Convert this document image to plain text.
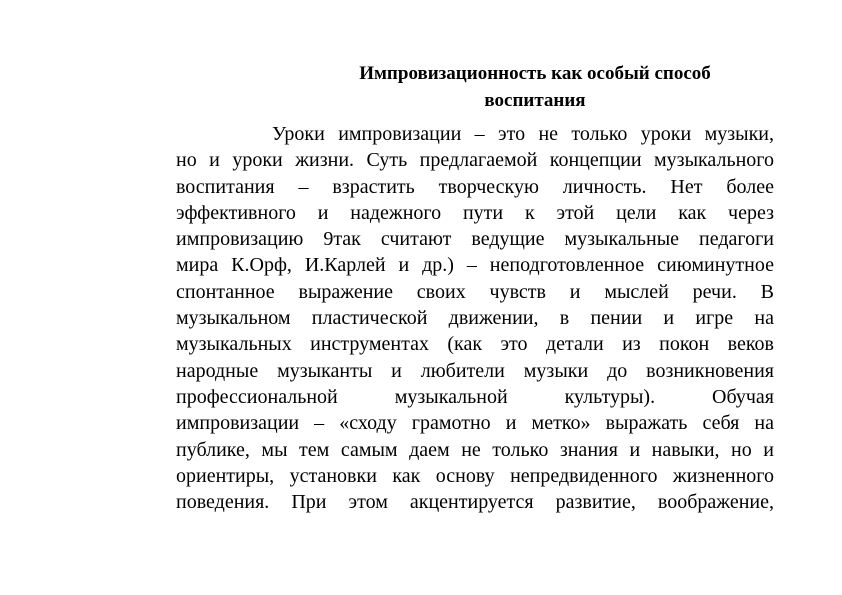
Импровизационность как особый способ
воспитания
Уроки импровизации – это не только уроки музыки,
но и уроки жизни. Суть предлагаемой концепции музыкального
воспитания – взрастить творческую личность. Нет более
эффективного и надежного пути к этой цели как через
импровизацию 9так считают ведущие музыкальные педагоги
мира К.Орф, И.Карлей и др.) – неподготовленное сиюминутное
спонтанное выражение своих чувств и мыслей речи. В
музыкальном пластической движении, в пении и игре на
музыкальных инструментах (как это детали из покон веков
народные музыканты и любители музыки до возникновения
профессиональной музыкальной культуры). Обучая
импровизации – «сходу грамотно и метко» выражать себя на
публике, мы тем самым даем не только знания и навыки, но и
ориентиры, установки как основу непредвиденного жизненного
поведения. При этом акцентируется развитие, воображение,
